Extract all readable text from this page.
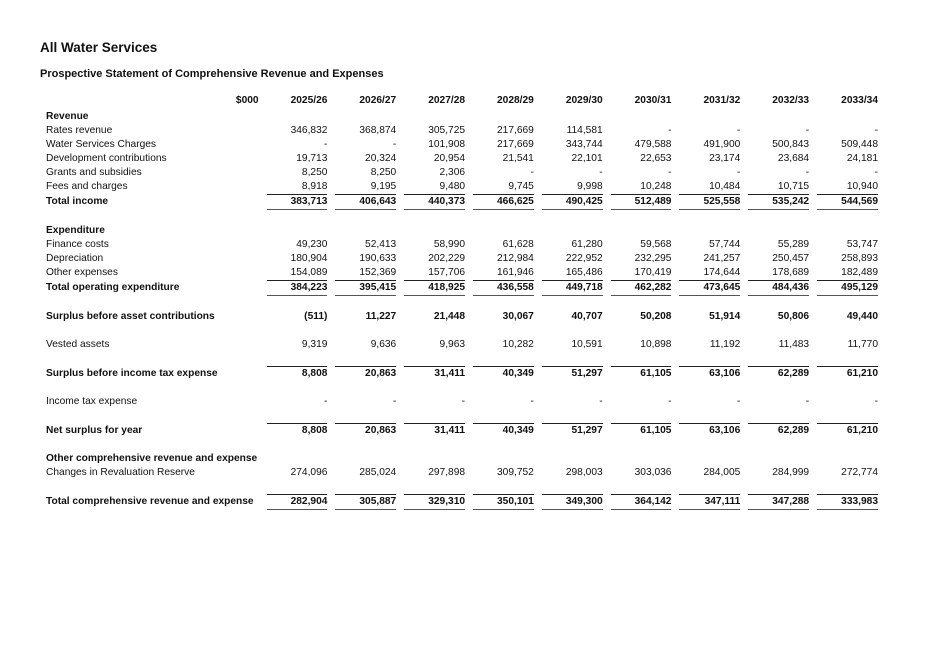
All Water Services
Prospective Statement of Comprehensive Revenue and Expenses
	$000	2025/26	2026/27	2027/28	2028/29	2029/30	2030/31	2031/32	2032/33	2033/34
Revenue		

Rates revenue		346,832	368,874	305,725	217,669	114,581	-	-	-	-

Water Services Charges		-	-	101,908	217,669	343,744	479,588	491,900	500,843	509,448

Development contributions		19,713	20,324	20,954	21,541	22,101	22,653	23,174	23,684	24,181

Grants and subsidies		8,250	8,250	2,306	-	-	-	-	-	-

Fees and charges		8,918	9,195	9,480	9,745	9,998	10,248	10,484	10,715	10,940

Total income		383,713	406,643	440,373	466,625	490,425	512,489	525,558	535,242	544,569

Expenditure		

Finance costs		49,230	52,413	58,990	61,628	61,280	59,568	57,744	55,289	53,747

Depreciation		180,904	190,633	202,229	212,984	222,952	232,295	241,257	250,457	258,893

Other expenses		154,089	152,369	157,706	161,946	165,486	170,419	174,644	178,689	182,489

Total operating expenditure		384,223	395,415	418,925	436,558	449,718	462,282	473,645	484,436	495,129

Surplus before asset contributions		(511)	11,227	21,448	30,067	40,707	50,208	51,914	50,806	49,440

Vested assets		9,319	9,636	9,963	10,282	10,591	10,898	11,192	11,483	11,770

Surplus before income tax expense		8,808	20,863	31,411	40,349	51,297	61,105	63,106	62,289	61,210

Income tax expense		-	-	-	-	-	-	-	-	-

Net surplus for year		8,808	20,863	31,411	40,349	51,297	61,105	63,106	62,289	61,210

Other comprehensive revenue and expense		

Changes in Revaluation Reserve		274,096	285,024	297,898	309,752	298,003	303,036	284,005	284,999	272,774

Total comprehensive revenue and expense		282,904	305,887	329,310	350,101	349,300	364,142	347,111	347,288	333,983
